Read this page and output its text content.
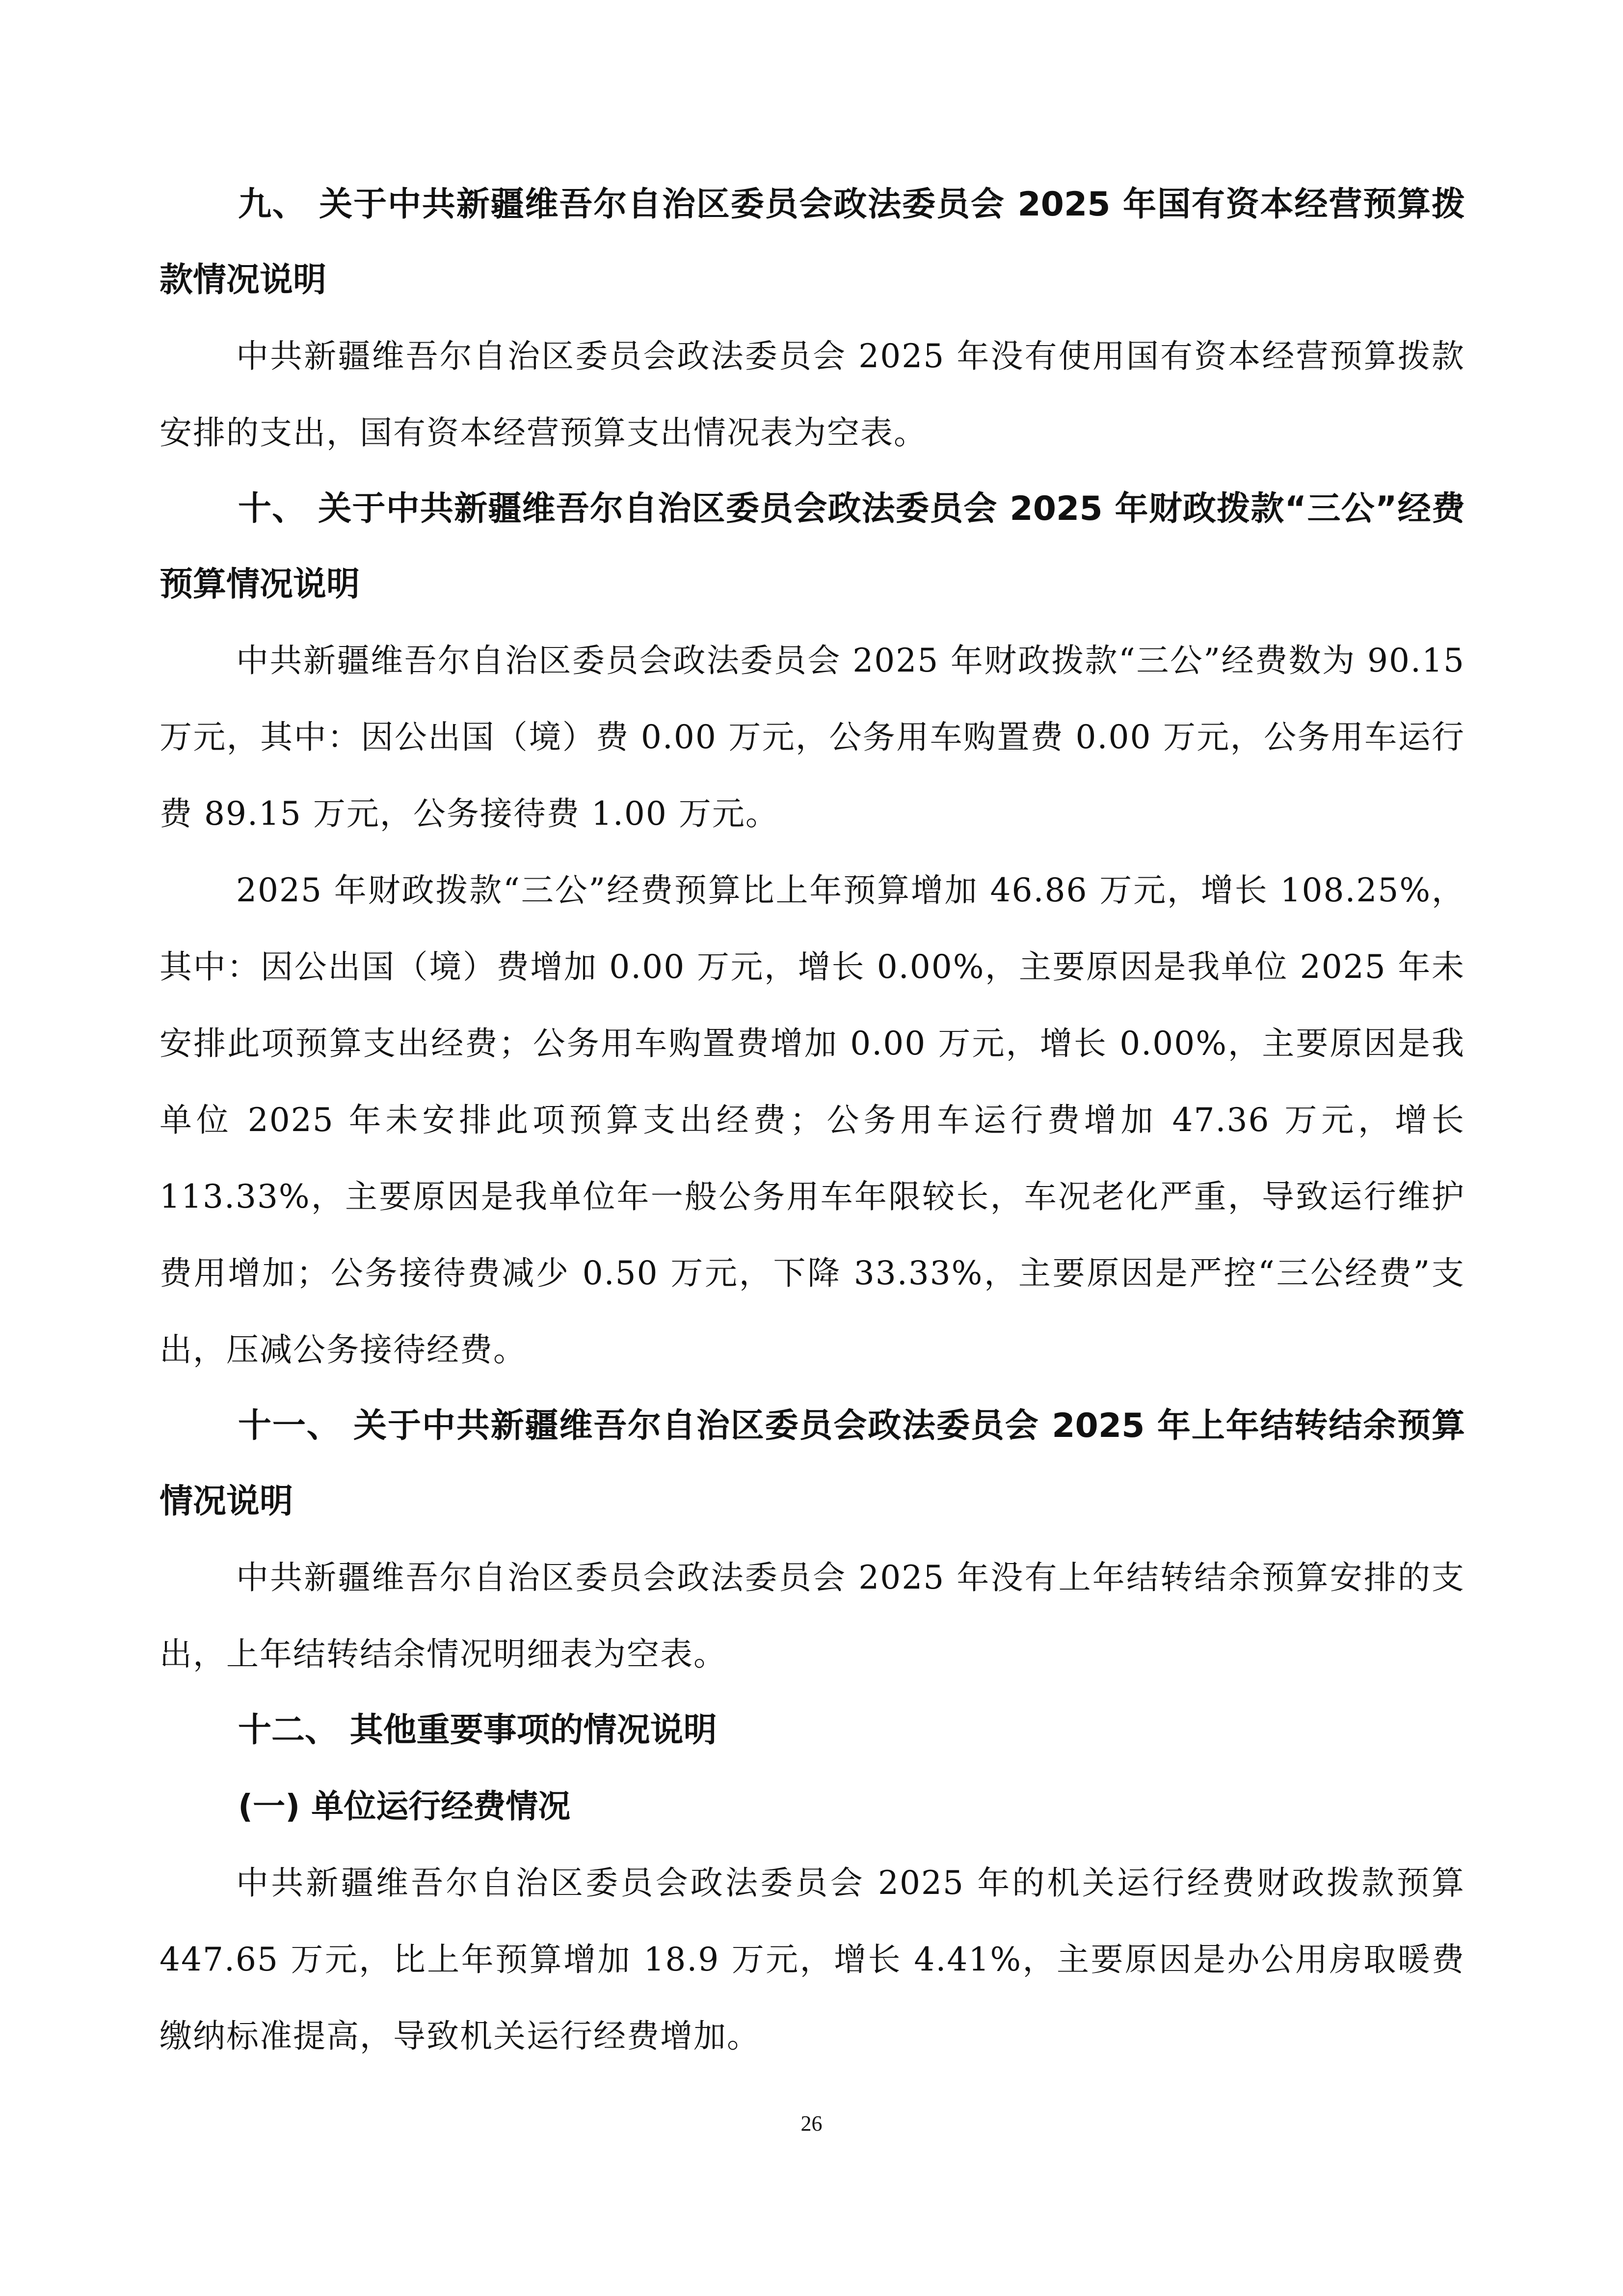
九、 关于中共新疆维吾尔自治区委员会政法委员会 2025 年国有资本经营预算拨款情况说明

中共新疆维吾尔自治区委员会政法委员会 2025 年没有使用国有资本经营预算拨款安排的支出，国有资本经营预算支出情况表为空表。

十、 关于中共新疆维吾尔自治区委员会政法委员会 2025 年财政拨款“三公”经费预算情况说明

中共新疆维吾尔自治区委员会政法委员会 2025 年财政拨款“三公”经费数为 90.15 万元，其中：因公出国（境）费 0.00 万元，公务用车购置费 0.00 万元，公务用车运行费 89.15 万元，公务接待费 1.00 万元。

2025 年财政拨款“三公”经费预算比上年预算增加 46.86 万元，增长 108.25%，其中：因公出国（境）费增加 0.00 万元，增长 0.00%，主要原因是我单位 2025 年未安排此项预算支出经费；公务用车购置费增加 0.00 万元，增长 0.00%，主要原因是我单位 2025 年未安排此项预算支出经费；公务用车运行费增加 47.36 万元，增长 113.33%，主要原因是我单位年一般公务用车年限较长，车况老化严重，导致运行维护费用增加；公务接待费减少 0.50 万元，下降 33.33%，主要原因是严控“三公经费”支出，压减公务接待经费。

十一、 关于中共新疆维吾尔自治区委员会政法委员会 2025 年上年结转结余预算情况说明

中共新疆维吾尔自治区委员会政法委员会 2025 年没有上年结转结余预算安排的支出，上年结转结余情况明细表为空表。

十二、 其他重要事项的情况说明

(一) 单位运行经费情况

中共新疆维吾尔自治区委员会政法委员会 2025 年的机关运行经费财政拨款预算 447.65 万元，比上年预算增加 18.9 万元，增长 4.41%，主要原因是办公用房取暖费缴纳标准提高，导致机关运行经费增加。

26
